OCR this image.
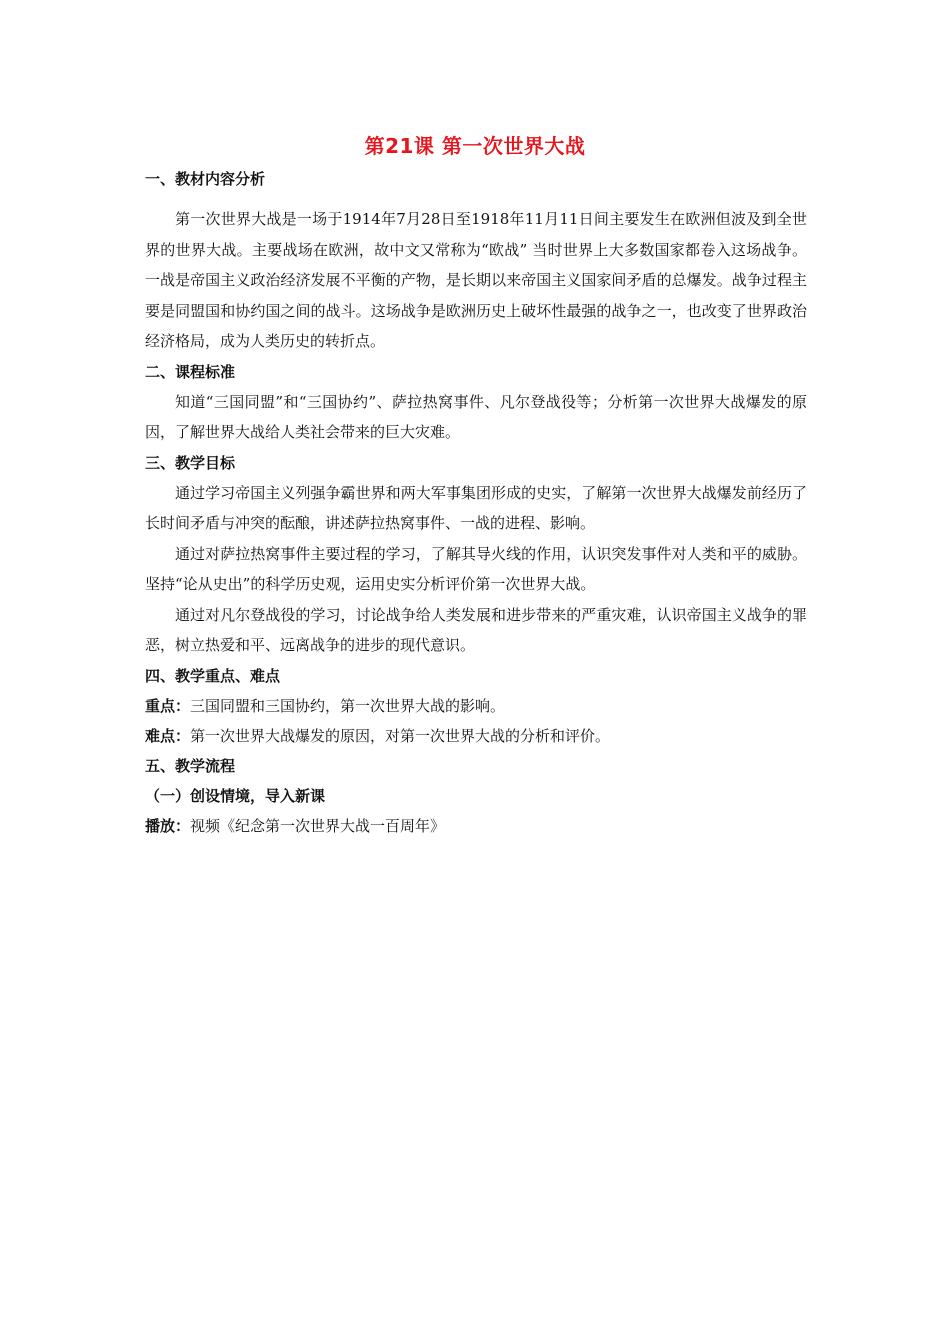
第21课 第一次世界大战

一、教材内容分析

第一次世界大战是一场于1914年7月28日至1918年11月11日间主要发生在欧洲但波及到全世界的世界大战。主要战场在欧洲，故中文又常称为“欧战” 当时世界上大多数国家都卷入这场战争。一战是帝国主义政治经济发展不平衡的产物，是长期以来帝国主义国家间矛盾的总爆发。战争过程主要是同盟国和协约国之间的战斗。这场战争是欧洲历史上破坏性最强的战争之一，也改变了世界政治经济格局，成为人类历史的转折点。

二、课程标准

知道“三国同盟”和“三国协约”、萨拉热窝事件、凡尔登战役等；分析第一次世界大战爆发的原因，了解世界大战给人类社会带来的巨大灾难。

三、教学目标

通过学习帝国主义列强争霸世界和两大军事集团形成的史实，了解第一次世界大战爆发前经历了长时间矛盾与冲突的酝酿，讲述萨拉热窝事件、一战的进程、影响。

通过对萨拉热窝事件主要过程的学习，了解其导火线的作用，认识突发事件对人类和平的威胁。坚持“论从史出”的科学历史观，运用史实分析评价第一次世界大战。

通过对凡尔登战役的学习，讨论战争给人类发展和进步带来的严重灾难，认识帝国主义战争的罪恶，树立热爱和平、远离战争的进步的现代意识。

四、教学重点、难点

重点：三国同盟和三国协约，第一次世界大战的影响。

难点：第一次世界大战爆发的原因，对第一次世界大战的分析和评价。

五、教学流程

（一）创设情境，导入新课

播放：视频《纪念第一次世界大战一百周年》
